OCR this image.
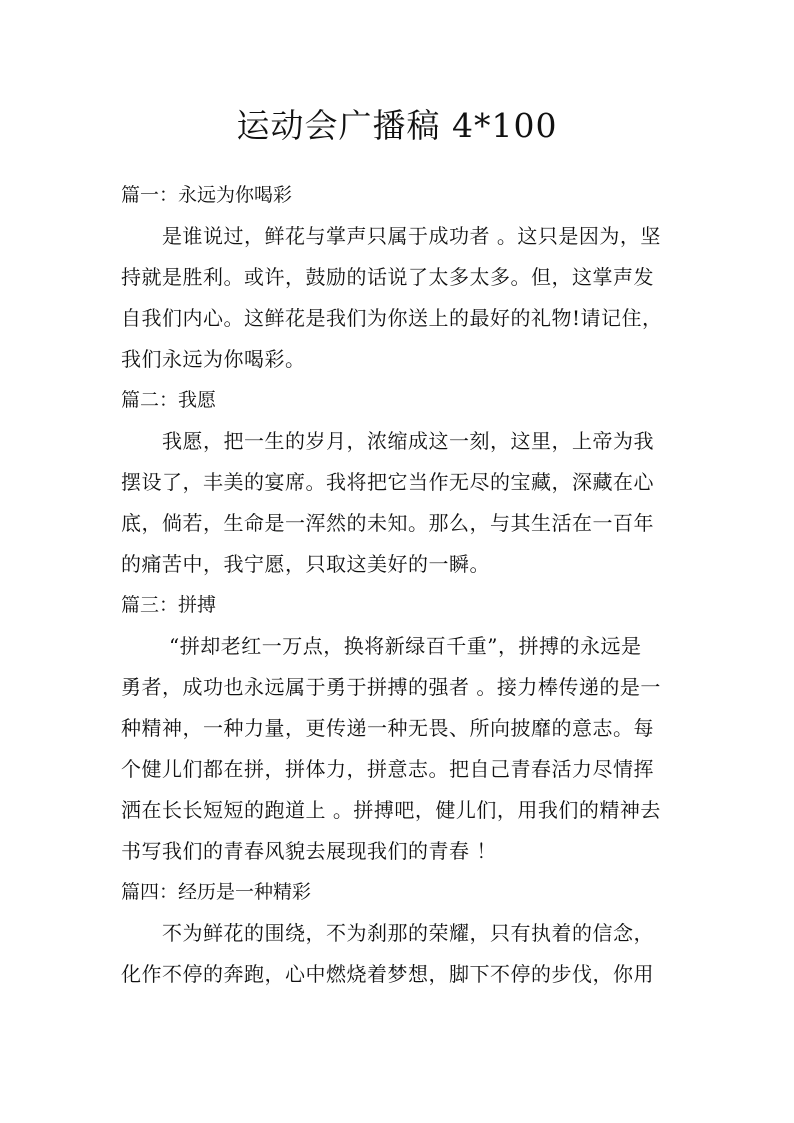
运动会广播稿 4*100
篇一：永远为你喝彩
是谁说过，鲜花与掌声只属于成功者 。这只是因为，坚
持就是胜利。或许，鼓励的话说了太多太多。但，这掌声发
自我们内心。这鲜花是我们为你送上的最好的礼物!请记住，
我们永远为你喝彩。
篇二：我愿
我愿，把一生的岁月，浓缩成这一刻，这里，上帝为我
摆设了，丰美的宴席。我将把它当作无尽的宝藏，深藏在心
底，倘若，生命是一浑然的未知。那么，与其生活在一百年
的痛苦中，我宁愿，只取这美好的一瞬。
篇三：拼搏
“拼却老红一万点，换将新绿百千重”，拼搏的永远是
勇者，成功也永远属于勇于拼搏的强者 。接力棒传递的是一
种精神，一种力量，更传递一种无畏、所向披靡的意志。每
个健儿们都在拼，拼体力，拼意志。把自己青春活力尽情挥
洒在长长短短的跑道上 。拼搏吧，健儿们，用我们的精神去
书写我们的青春风貌去展现我们的青春 ！
篇四：经历是一种精彩
不为鲜花的围绕，不为刹那的荣耀，只有执着的信念，
化作不停的奔跑，心中燃烧着梦想，脚下不停的步伐，你用
